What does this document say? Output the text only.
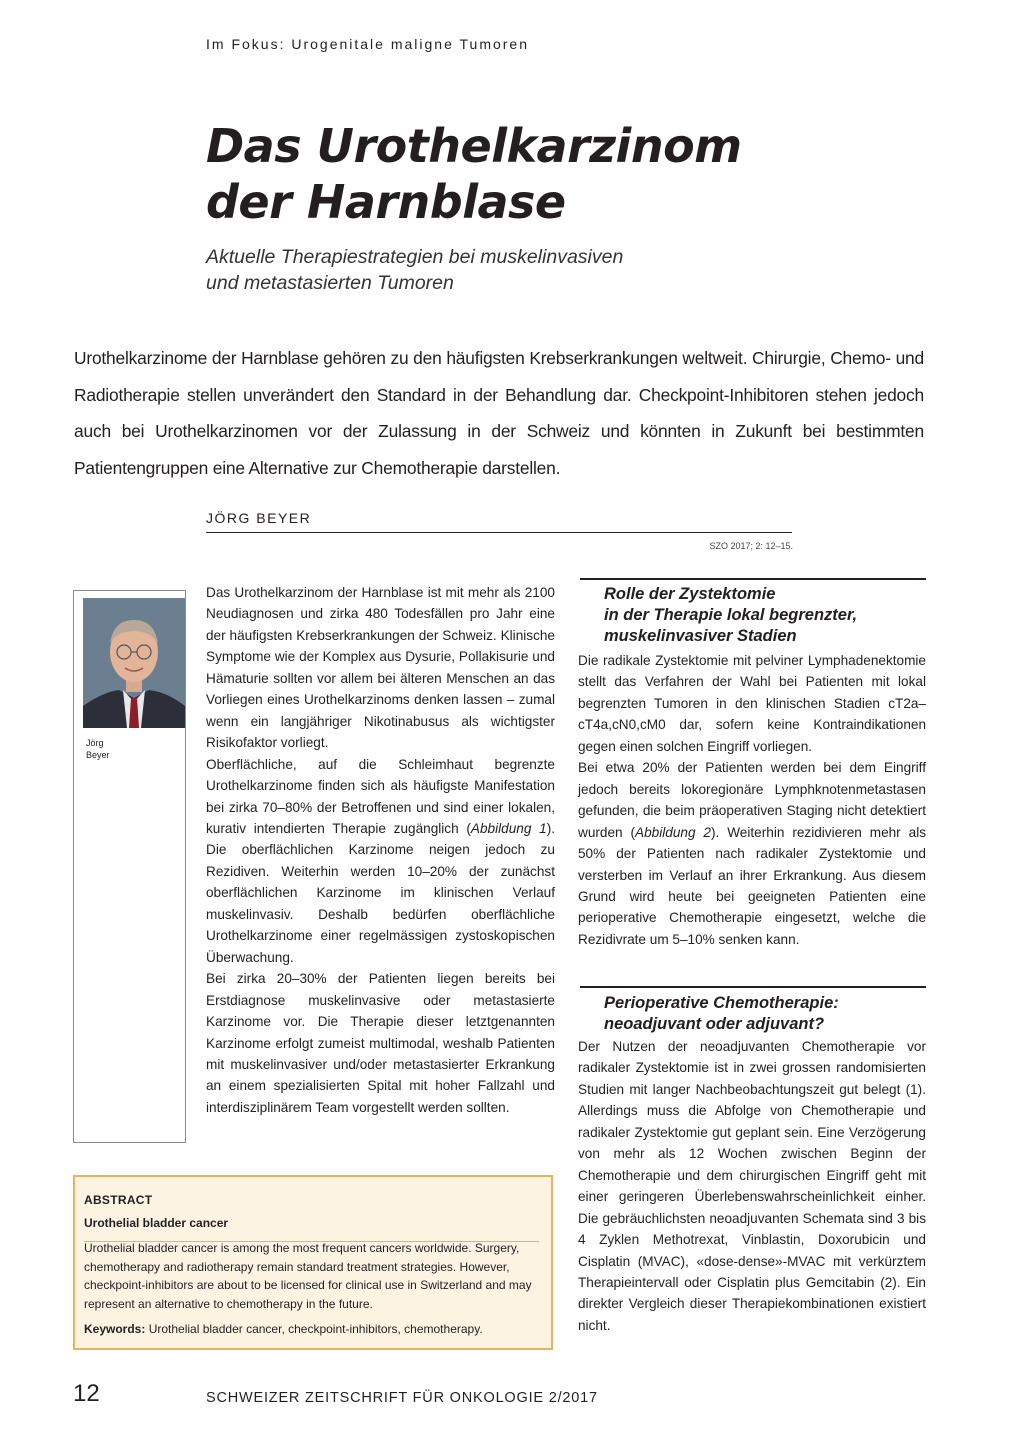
Im Fokus: Urogenitale maligne Tumoren
Das Urothelkarzinom
der Harnblase
Aktuelle Therapiestrategien bei muskelinvasiven
und metastasierten Tumoren
Urothelkarzinome der Harnblase gehören zu den häufigsten Krebserkrankungen weltweit. Chirurgie, Chemo- und Radiotherapie stellen unverändert den Standard in der Behandlung dar. Checkpoint-Inhibitoren stehen jedoch auch bei Urothelkarzinomen vor der Zulassung in der Schweiz und könnten in Zukunft bei bestimmten Patientengruppen eine Alternative zur Chemotherapie darstellen.
JÖRG BEYER
SZO 2017; 2: 12–15.
Jörg
Beyer

Das Urothelkarzinom der Harnblase ist mit mehr als 2100 Neudiagnosen und zirka 480 Todesfällen pro Jahr eine der häufigsten Krebserkrankungen der Schweiz. Klinische Symptome wie der Komplex aus Dysurie, Pollakisurie und Hämaturie sollten vor allem bei älteren Menschen an das Vorliegen eines Urothelkarzinoms denken lassen – zumal wenn ein langjähriger Nikotinabusus als wichtigster Risikofaktor vorliegt.

Oberflächliche, auf die Schleimhaut begrenzte Urothelkarzinome finden sich als häufigste Manifestation bei zirka 70–80% der Betroffenen und sind einer lokalen, kurativ intendierten Therapie zugänglich (Abbildung 1). Die oberflächlichen Karzinome neigen jedoch zu Rezidiven. Weiterhin werden 10–20% der zunächst oberflächlichen Karzinome im klinischen Verlauf muskelinvasiv. Deshalb bedürfen oberflächliche Urothelkarzinome einer regelmässigen zystoskopischen Überwachung.

Bei zirka 20–30% der Patienten liegen bereits bei Erstdiagnose muskelinvasive oder metastasierte Karzinome vor. Die Therapie dieser letztgenannten Karzinome erfolgt zumeist multimodal, weshalb Patienten mit muskelinvasiver und/oder metastasierter Erkrankung an einem spezialisierten Spital mit hoher Fallzahl und interdisziplinärem Team vorgestellt werden sollten.

Rolle der Zystektomie
in der Therapie lokal begrenzter,
muskelinvasiver Stadien

Die radikale Zystektomie mit pelviner Lymphadenektomie stellt das Verfahren der Wahl bei Patienten mit lokal begrenzten Tumoren in den klinischen Stadien cT2a–cT4a,cN0,cM0 dar, sofern keine Kontraindikationen gegen einen solchen Eingriff vorliegen.

Bei etwa 20% der Patienten werden bei dem Eingriff jedoch bereits lokoregionäre Lymphknotenmetastasen gefunden, die beim präoperativen Staging nicht detektiert wurden (Abbildung 2). Weiterhin rezidivieren mehr als 50% der Patienten nach radikaler Zystektomie und versterben im Verlauf an ihrer Erkrankung. Aus diesem Grund wird heute bei geeigneten Patienten eine perioperative Chemotherapie eingesetzt, welche die Rezidivrate um 5–10% senken kann.

Perioperative Chemotherapie:
neoadjuvant oder adjuvant?

Der Nutzen der neoadjuvanten Chemotherapie vor radikaler Zystektomie ist in zwei grossen randomisierten Studien mit langer Nachbeobachtungszeit gut belegt (1). Allerdings muss die Abfolge von Chemotherapie und radikaler Zystektomie gut geplant sein. Eine Verzögerung von mehr als 12 Wochen zwischen Beginn der Chemotherapie und dem chirurgischen Eingriff geht mit einer geringeren Überlebenswahrscheinlichkeit einher. Die gebräuchlichsten neoadjuvanten Schemata sind 3 bis 4 Zyklen Methotrexat, Vinblastin, Doxorubicin und Cisplatin (MVAC), «dose-dense»-MVAC mit verkürztem Therapieintervall oder Cisplatin plus Gemcitabin (2). Ein direkter Vergleich dieser Therapiekombinationen existiert nicht.

ABSTRACT
Urothelial bladder cancer
Urothelial bladder cancer is among the most frequent cancers worldwide. Surgery, chemotherapy and radiotherapy remain standard treatment strategies. However, checkpoint-inhibitors are about to be licensed for clinical use in Switzerland and may represent an alternative to chemotherapy in the future.
Keywords: Urothelial bladder cancer, checkpoint-inhibitors, chemotherapy.
12	SCHWEIZER ZEITSCHRIFT FÜR ONKOLOGIE 2/2017
